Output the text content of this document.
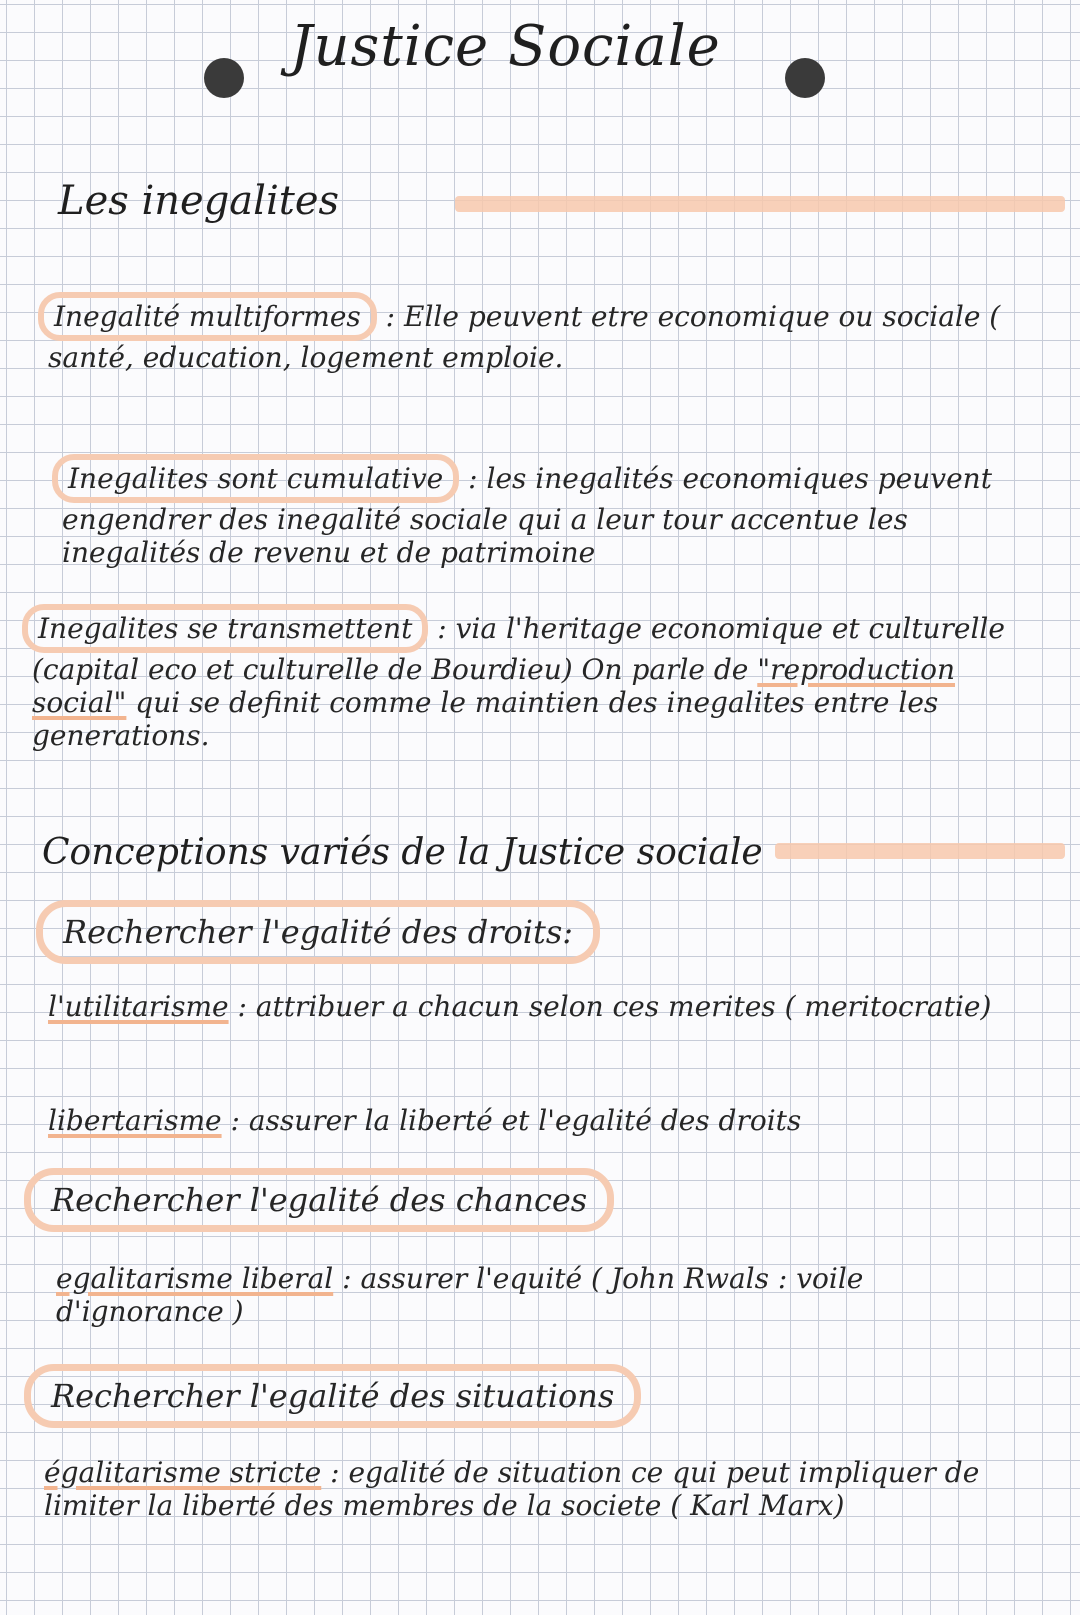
Justice Sociale
Les inegalites
Inegalité multiformes : Elle peuvent etre economique ou sociale ( santé, education, logement emploie.
Inegalites sont cumulative : les inegalités economiques peuvent engendrer des inegalité sociale qui a leur tour accentue les inegalités de revenu et de patrimoine
Inegalites se transmettent : via l'heritage economique et culturelle (capital eco et culturelle de Bourdieu) On parle de "reproduction social" qui se definit comme le maintien des inegalites entre les generations.
Conceptions variés de la Justice sociale
Rechercher l'egalité des droits:
l'utilitarisme : attribuer a chacun selon ces merites ( meritocratie)
libertarisme : assurer la liberté et l'egalité des droits
Rechercher l'egalité des chances
egalitarisme liberal : assurer l'equité ( John Rwals : voile d'ignorance )
Rechercher l'egalité des situations
égalitarisme stricte : egalité de situation ce qui peut impliquer de limiter la liberté des membres de la societe ( Karl Marx)
